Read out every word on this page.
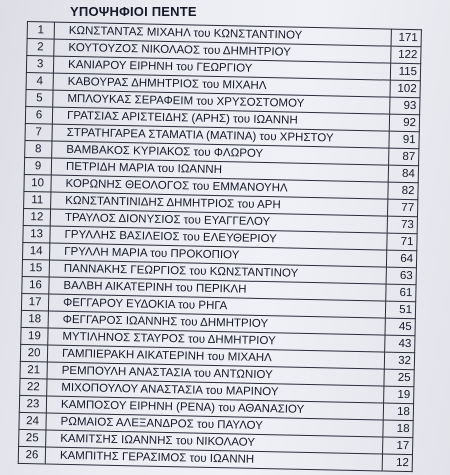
ΥΠΟΨΗΦΙΟΙ ΠΕΝΤΕ
1	ΚΩΝΣΤΑΝΤΑΣ ΜΙΧΑΗΛ του ΚΩΝΣΤΑΝΤΙΝΟΥ	171
2	ΚΟΥΤΟΥΖΟΣ ΝΙΚΟΛΑΟΣ του ΔΗΜΗΤΡΙΟΥ	122
3	ΚΑΝΙΑΡΟΥ ΕΙΡΗΝΗ του ΓΕΩΡΓΙΟΥ	115
4	ΚΑΒΟΥΡΑΣ ΔΗΜΗΤΡΙΟΣ του ΜΙΧΑΗΛ	102
5	ΜΠΛΟΥΚΑΣ ΣΕΡΑΦΕΙΜ του ΧΡΥΣΟΣΤΟΜΟΥ	93
6	ΓΡΑΤΣΙΑΣ ΑΡΙΣΤΕΙΔΗΣ (ΑΡΗΣ) του ΙΩΑΝΝΗ	92
7	ΣΤΡΑΤΗΓΑΡΕΑ ΣΤΑΜΑΤΙΑ (ΜΑΤΙΝΑ) του ΧΡΗΣΤΟΥ	91
8	ΒΑΜΒΑΚΟΣ ΚΥΡΙΑΚΟΣ του ΦΛΩΡΟΥ	87
9	ΠΕΤΡΙΔΗ ΜΑΡΙΑ του ΙΩΑΝΝΗ	84
10	ΚΟΡΩΝΗΣ ΘΕΟΛΟΓΟΣ του ΕΜΜΑΝΟΥΗΛ	82
11	ΚΩΝΣΤΑΝΤΙΝΙΔΗΣ ΔΗΜΗΤΡΙΟΣ του ΑΡΗ	77
12	ΤΡΑΥΛΟΣ ΔΙΟΝΥΣΙΟΣ του ΕΥΑΓΓΕΛΟΥ	73
13	ΓΡΥΛΛΗΣ ΒΑΣΙΛΕΙΟΣ του ΕΛΕΥΘΕΡΙΟΥ	71
14	ΓΡΥΛΛΗ ΜΑΡΙΑ του ΠΡΟΚΟΠΙΟΥ	64
15	ΠΑΝΝΑΚΗΣ ΓΕΩΡΓΙΟΣ του ΚΩΝΣΤΑΝΤΙΝΟΥ	63
16	ΒΑΛΒΗ ΑΙΚΑΤΕΡΙΝΗ του ΠΕΡΙΚΛΗ	61
17	ΦΕΓΓΑΡΟΥ ΕΥΔΟΚΙΑ του ΡΗΓΑ	51
18	ΦΕΓΓΑΡΟΣ ΙΩΑΝΝΗΣ του ΔΗΜΗΤΡΙΟΥ	45
19	ΜΥΤΙΛΗΝΟΣ ΣΤΑΥΡΟΣ του ΔΗΜΗΤΡΙΟΥ	43
20	ΓΑΜΠΙΕΡΑΚΗ ΑΙΚΑΤΕΡΙΝΗ του ΜΙΧΑΗΛ	32
21	ΡΕΜΠΟΥΛΗ ΑΝΑΣΤΑΣΙΑ του ΑΝΤΩΝΙΟΥ	25
22	ΜΙΧΟΠΟΥΛΟΥ ΑΝΑΣΤΑΣΙΑ του ΜΑΡΙΝΟΥ	19
23	ΚΑΜΠΟΣΟΥ ΕΙΡΗΝΗ (ΡΕΝΑ) του ΑΘΑΝΑΣΙΟΥ	18
24	ΡΩΜΑΙΟΣ ΑΛΕΞΑΝΔΡΟΣ του ΠΑΥΛΟΥ	18
25	ΚΑΜΙΤΣΗΣ ΙΩΑΝΝΗΣ του ΝΙΚΟΛΑΟΥ	17
26	ΚΑΜΠΙΤΗΣ ΓΕΡΑΣΙΜΟΣ του ΙΩΑΝΝΗ	12
